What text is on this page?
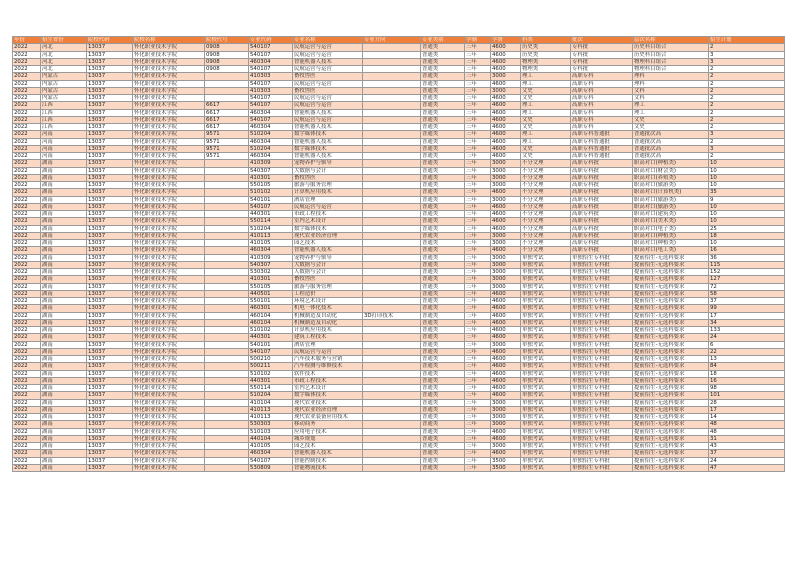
年份	招生省份	院校代码	院校名称	院校代号	专业代码	专业名称	专业方向	专业类别	学制	学费	科类	批次	层次名称	招生计划
2022	河北	13037	怀化职业技术学院	0908	540107	民航运营与运营		普通类	三年	4600	历史类	专科批	历史科目组合	2
2022	河北	13037	怀化职业技术学院	0908	540107	民航运营与运营		普通类	三年	4600	历史类	专科批	历史科目组合	3
2022	河北	13037	怀化职业技术学院	0908	460304	智能机器人技术		普通类	三年	4600	物理类	专科批	物理科目组合	3
2022	河北	13037	怀化职业技术学院	0908	540107	民航运营与运营		普通类	三年	4600	物理类	专科批	物理科目组合	2
2022	内蒙古	13037	怀化职业技术学院		410303	畜牧兽医		普通类	三年	3000	理工	高职专科	理科	2
2022	内蒙古	13037	怀化职业技术学院		540107	民航运营与运营		普通类	三年	4600	理工	高职专科	理科	2
2022	内蒙古	13037	怀化职业技术学院		410303	畜牧兽医		普通类	三年	3000	文史	高职专科	文科	2
2022	内蒙古	13037	怀化职业技术学院		540107	民航运营与运营		普通类	三年	4600	文史	高职专科	文科	2
2022	江西	13037	怀化职业技术学院	6617	540107	民航运营与运营		普通类	三年	4600	理工	高职专科	理工	2
2022	江西	13037	怀化职业技术学院	6617	460304	智能机器人技术		普通类	三年	4600	理工	高职专科	理工	2
2022	江西	13037	怀化职业技术学院	6617	540107	民航运营与运营		普通类	三年	4600	文史	高职专科	文史	2
2022	江西	13037	怀化职业技术学院	6617	460304	智能机器人技术		普通类	三年	4600	文史	高职专科	文史	2
2022	河南	13037	怀化职业技术学院	9571	510204	数字媒体技术		普通类	三年	4600	理工	高职专科普通批	普通批次高	3
2022	河南	13037	怀化职业技术学院	9571	460304	智能机器人技术		普通类	三年	4600	理工	高职专科普通批	普通批次高	2
2022	河南	13037	怀化职业技术学院	9571	510204	数字媒体技术		普通类	三年	4600	文史	高职专科普通批	普通批次高	3
2022	河南	13037	怀化职业技术学院	9571	460304	智能机器人技术		普通类	三年	4600	文史	高职专科普通批	普通批次高	2
2022	湖南	13037	怀化职业技术学院		410309	宠物养护与驯导		普通类	三年	3000	不分文理	高职专科批	职高对口(种植类)	10
2022	湖南	13037	怀化职业技术学院		540307	大数据与会计		普通类	三年	3000	不分文理	高职专科批	职高对口(财会类)	10
2022	湖南	13037	怀化职业技术学院		410301	畜牧兽医		普通类	三年	3000	不分文理	高职专科批	职高对口(养殖类)	10
2022	湖南	13037	怀化职业技术学院		550105	旅游与服务管理		普通类	三年	3000	不分文理	高职专科批	职高对口(旅游类)	10
2022	湖南	13037	怀化职业技术学院		510102	计算机应用技术		普通类	三年	4600	不分文理	高职专科批	职高对口(计算机类)	35
2022	湖南	13037	怀化职业技术学院		540101	酒店管理		普通类	三年	3000	不分文理	高职专科批	职高对口(旅游类)	9
2022	湖南	13037	怀化职业技术学院		540107	民航运营与运营		普通类	三年	4600	不分文理	高职专科批	职高对口(旅游类)	10
2022	湖南	13037	怀化职业技术学院		440301	市政工程技术		普通类	三年	4600	不分文理	高职专科批	职高对口(建筑类)	10
2022	湖南	13037	怀化职业技术学院		550114	室内艺术设计		普通类	三年	4600	不分文理	高职专科批	职高对口(美术类)	10
2022	湖南	13037	怀化职业技术学院		510204	数字媒体技术		普通类	三年	4600	不分文理	高职专科批	职高对口(电子类)	25
2022	湖南	13037	怀化职业技术学院		410113	现代农业经济管理		普通类	三年	3000	不分文理	高职专科批	职高对口(种植类)	18
2022	湖南	13037	怀化职业技术学院		410105	园艺技术		普通类	三年	3000	不分文理	高职专科批	职高对口(种植类)	10
2022	湖南	13037	怀化职业技术学院		460304	智能机器人技术		普通类	三年	4600	不分文理	高职专科批	职高对口(电工类)	16
2022	湖南	13037	怀化职业技术学院		410309	宠物养护与驯导		普通类	三年	3000	单独考试	单独招生专科批	提前招生-无选科要求	36
2022	湖南	13037	怀化职业技术学院		540307	大数据与会计		普通类	三年	3000	单独考试	单独招生专科批	提前招生-无选科要求	115
2022	湖南	13037	怀化职业技术学院		530302	人数据与会计		普通类	三年	3000	单独考试	单独招生专科批	提前招生-无选科要求	152
2022	湖南	13037	怀化职业技术学院		410301	畜牧兽医		普通类	三年	3000	单独考试	单独招生专科批	提前招生-无选科要求	127
2022	湖南	13037	怀化职业技术学院		550105	旅游与服务管理		普通类	三年	3000	单独考试	单独招生专科批	提前招生-无选科要求	72
2022	湖南	13037	怀化职业技术学院		440501	工程造价		普通类	三年	4600	单独考试	单独招生专科批	提前招生-无选科要求	58
2022	湖南	13037	怀化职业技术学院		550101	环境艺术设计		普通类	三年	4600	单独考试	单独招生专科批	提前招生-无选科要求	37
2022	湖南	13037	怀化职业技术学院		460301	机电一体化技术		普通类	三年	4600	单独考试	单独招生专科批	提前招生-无选科要求	99
2022	湖南	13037	怀化职业技术学院		460104	机械制造及自动化	3D打印技术	普通类	三年	4600	单独考试	单独招生专科批	提前招生-无选科要求	17
2022	湖南	13037	怀化职业技术学院		460104	机械制造及自动化		普通类	三年	4600	单独考试	单独招生专科批	提前招生-无选科要求	34
2022	湖南	13037	怀化职业技术学院		510102	计算机应用技术		普通类	三年	4600	单独考试	单独招生专科批	提前招生-无选科要求	133
2022	湖南	13037	怀化职业技术学院		440301	建筑工程技术		普通类	三年	4600	单独考试	单独招生专科批	提前招生-无选科要求	24
2022	湖南	13037	怀化职业技术学院		540101	酒店管理		普通类	三年	3000	单独考试	单独招生专科批	提前招生-无选科要求	6
2022	湖南	13037	怀化职业技术学院		540107	民航运营与运营		普通类	三年	4600	单独考试	单独招生专科批	提前招生-无选科要求	22
2022	湖南	13037	怀化职业技术学院		500210	汽车技术服务与营销		普通类	三年	4600	单独考试	单独招生专科批	提前招生-无选科要求	13
2022	湖南	13037	怀化职业技术学院		500211	汽车检测与维修技术		普通类	三年	4600	单独考试	单独招生专科批	提前招生-无选科要求	84
2022	湖南	13037	怀化职业技术学院		510102	软件技术		普通类	三年	4600	单独考试	单独招生专科批	提前招生-无选科要求	18
2022	湖南	13037	怀化职业技术学院		440301	市政工程技术		普通类	三年	4600	单独考试	单独招生专科批	提前招生-无选科要求	16
2022	湖南	13037	怀化职业技术学院		550114	室内艺术设计		普通类	三年	4600	单独考试	单独招生专科批	提前招生-无选科要求	98
2022	湖南	13037	怀化职业技术学院		510204	数字媒体技术		普通类	三年	4600	单独考试	单独招生专科批	提前招生-无选科要求	101
2022	湖南	13037	怀化职业技术学院		410104	现代农业技术		普通类	三年	3000	单独考试	单独招生专科批	提前招生-无选科要求	28
2022	湖南	13037	怀化职业技术学院		410113	现代农业经济管理		普通类	三年	3000	单独考试	单独招生专科批	提前招生-无选科要求	17
2022	湖南	13037	怀化职业技术学院		410113	现代农业装备应用技术		普通类	三年	3000	单独考试	单独招生专科批	提前招生-无选科要求	14
2022	湖南	13037	怀化职业技术学院		530303	移动商务		普通类	三年	3000	单独考试	单独招生专科批	提前招生-无选科要求	48
2022	湖南	13037	怀化职业技术学院		510103	应用电子技术		普通类	三年	4600	单独考试	单独招生专科批	提前招生-无选科要求	48
2022	湖南	13037	怀化职业技术学院		440104	城乡规划		普通类	三年	4600	单独考试	单独招生专科批	提前招生-无选科要求	31
2022	湖南	13037	怀化职业技术学院		410105	园艺技术		普通类	三年	3000	单独考试	单独招生专科批	提前招生-无选科要求	43
2022	湖南	13037	怀化职业技术学院		460304	智能机器人技术		普通类	三年	4600	单独考试	单独招生专科批	提前招生-无选科要求	37
2022	湖南	13037	怀化职业技术学院		540107	智能控制技术		普通类	三年	3500	单独考试	单独招生专科批	提前招生-无选科要求	24
2022	湖南	13037	怀化职业技术学院		530809	智能物流技术		普通类	三年	3500	单独考试	单独招生专科批	提前招生-无选科要求	47
